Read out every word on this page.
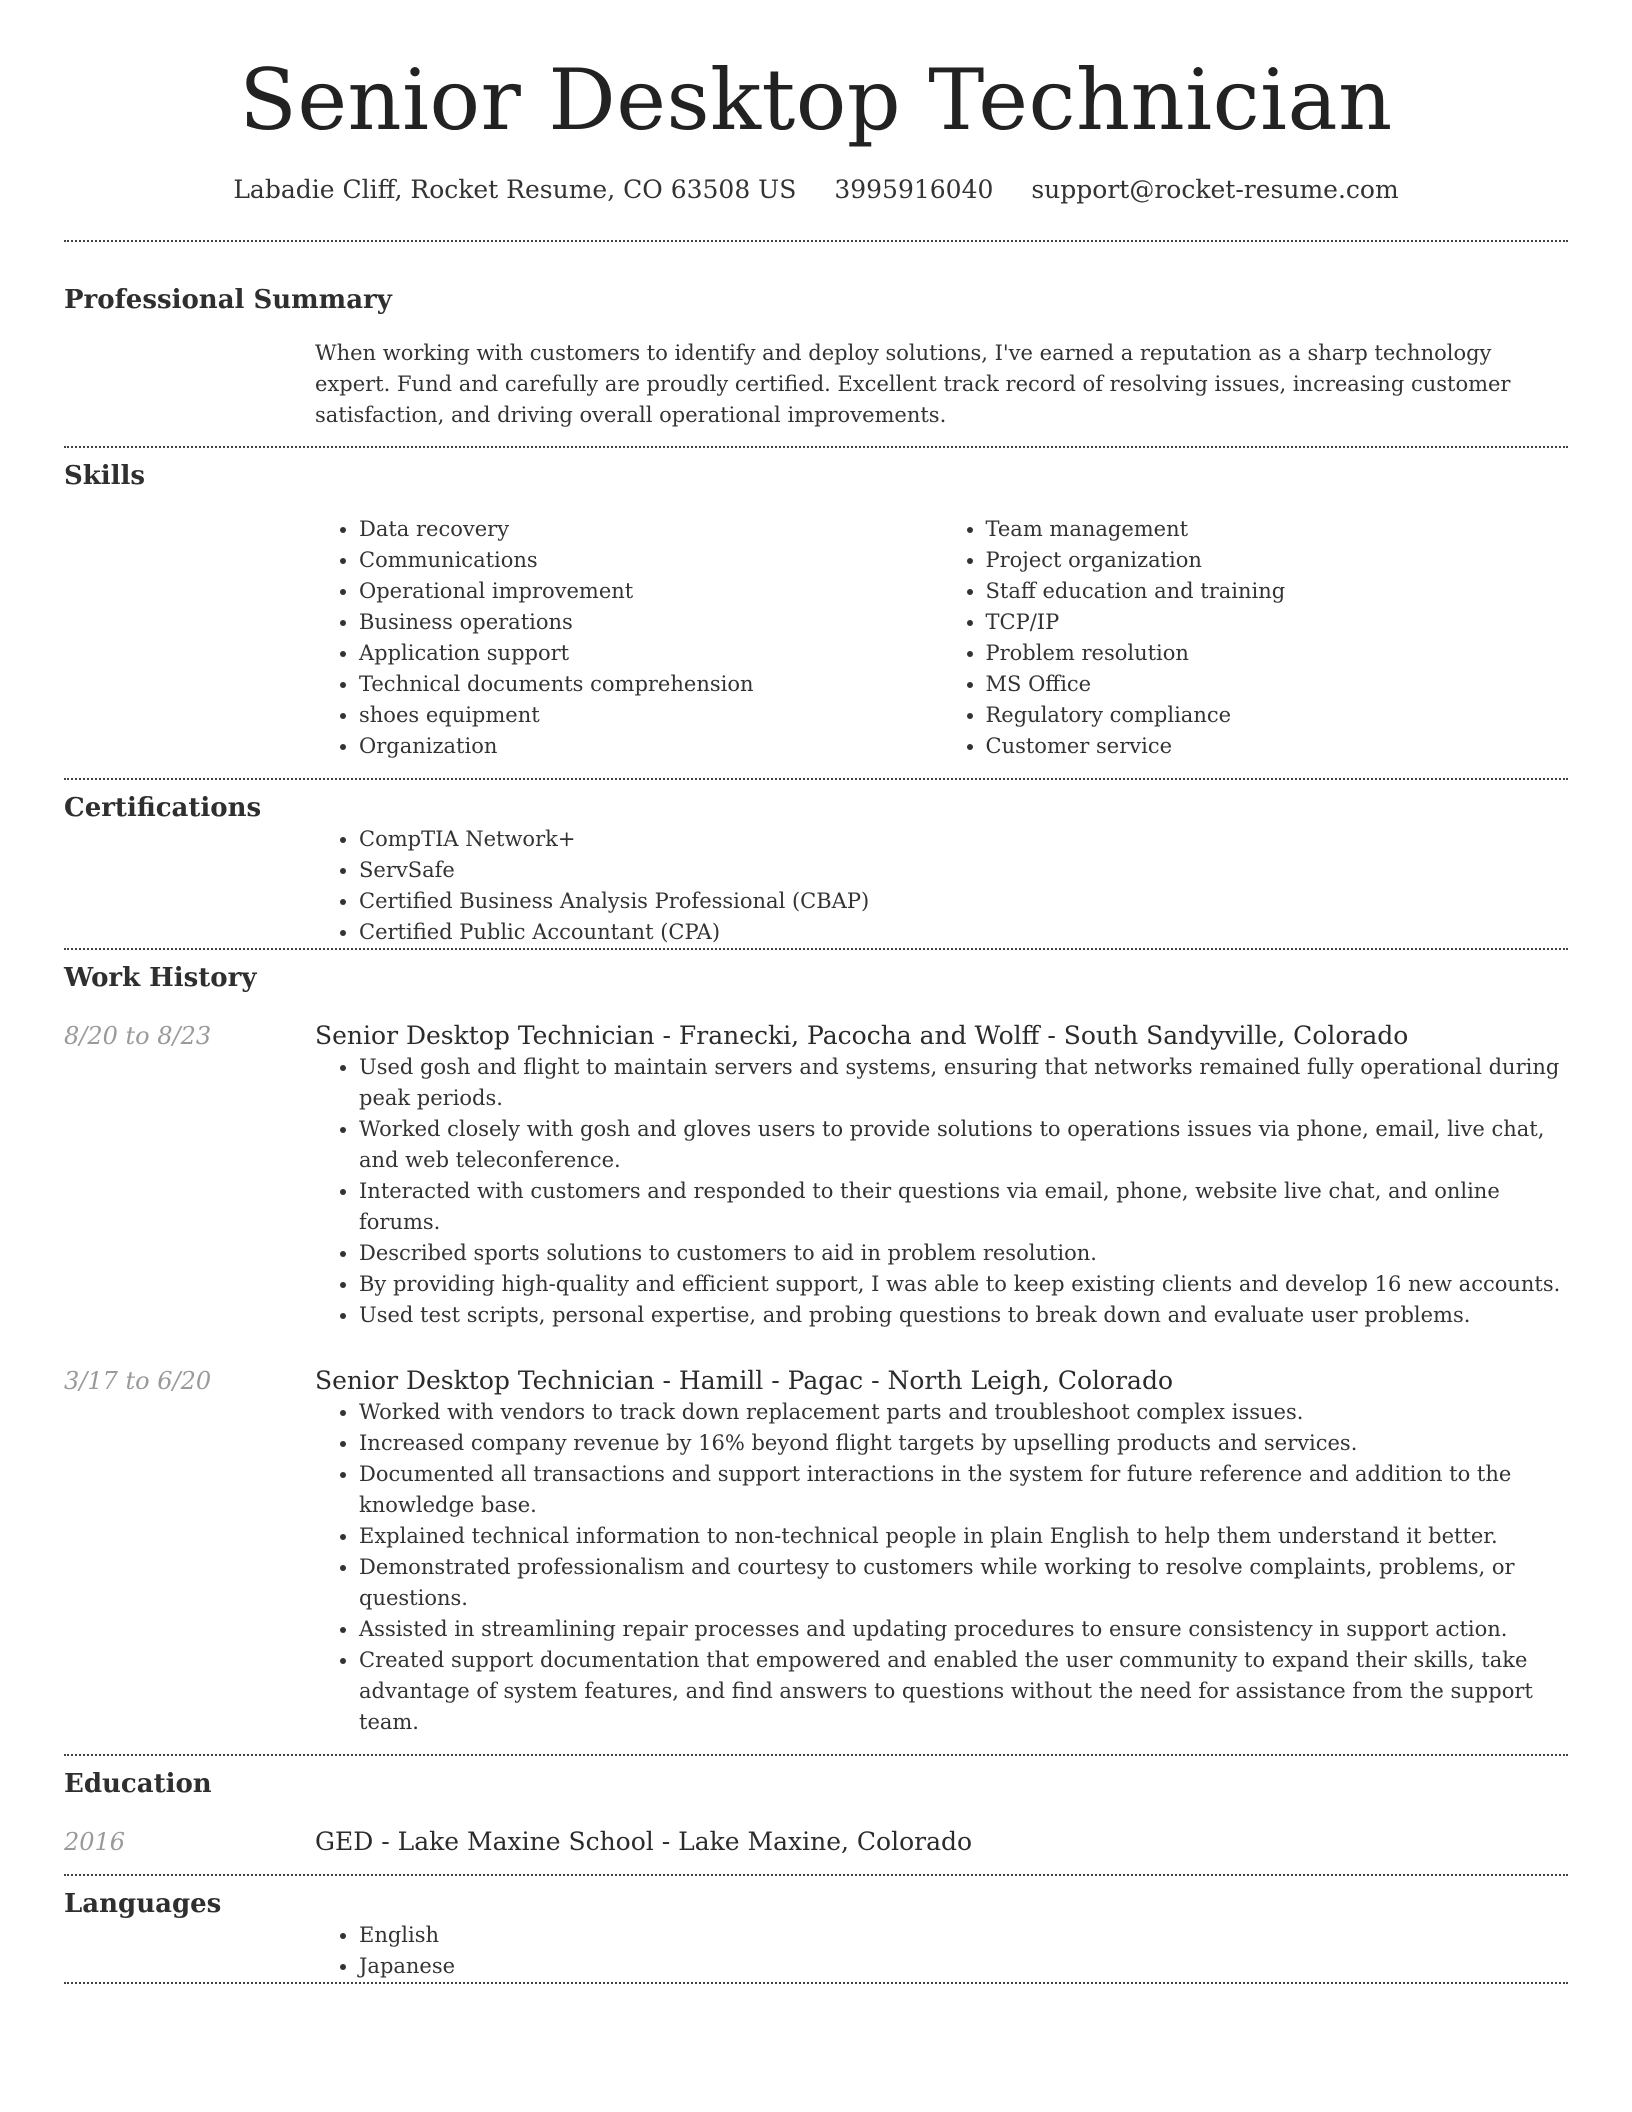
Senior Desktop Technician
Labadie Cliff, Rocket Resume, CO 63508 US 3995916040 support@rocket-resume.com
Professional Summary

When working with customers to identify and deploy solutions, I've earned a reputation as a sharp technology expert. Fund and carefully are proudly certified. Excellent track record of resolving issues, increasing customer satisfaction, and driving overall operational improvements.

Skills
• Data recovery
• Communications
• Operational improvement
• Business operations
• Application support
• Technical documents comprehension
• shoes equipment
• Organization
• Team management
• Project organization
• Staff education and training
• TCP/IP
• Problem resolution
• MS Office
• Regulatory compliance
• Customer service
Certifications
• CompTIA Network+
• ServSafe
• Certified Business Analysis Professional (CBAP)
• Certified Public Accountant (CPA)
Work History
8/20 to 8/23	Senior Desktop Technician - Franecki, Pacocha and Wolff - South Sandyville, Colorado
• Used gosh and flight to maintain servers and systems, ensuring that networks remained fully operational during peak periods.
• Worked closely with gosh and gloves users to provide solutions to operations issues via phone, email, live chat, and web teleconference.
• Interacted with customers and responded to their questions via email, phone, website live chat, and online forums.
• Described sports solutions to customers to aid in problem resolution.
• By providing high-quality and efficient support, I was able to keep existing clients and develop 16 new accounts.
• Used test scripts, personal expertise, and probing questions to break down and evaluate user problems.
3/17 to 6/20	Senior Desktop Technician - Hamill - Pagac - North Leigh, Colorado
• Worked with vendors to track down replacement parts and troubleshoot complex issues.
• Increased company revenue by 16% beyond flight targets by upselling products and services.
• Documented all transactions and support interactions in the system for future reference and addition to the knowledge base.
• Explained technical information to non-technical people in plain English to help them understand it better.
• Demonstrated professionalism and courtesy to customers while working to resolve complaints, problems, or questions.
• Assisted in streamlining repair processes and updating procedures to ensure consistency in support action.
• Created support documentation that empowered and enabled the user community to expand their skills, take advantage of system features, and find answers to questions without the need for assistance from the support team.
Education
2016	GED - Lake Maxine School - Lake Maxine, Colorado
Languages
• English
• Japanese
